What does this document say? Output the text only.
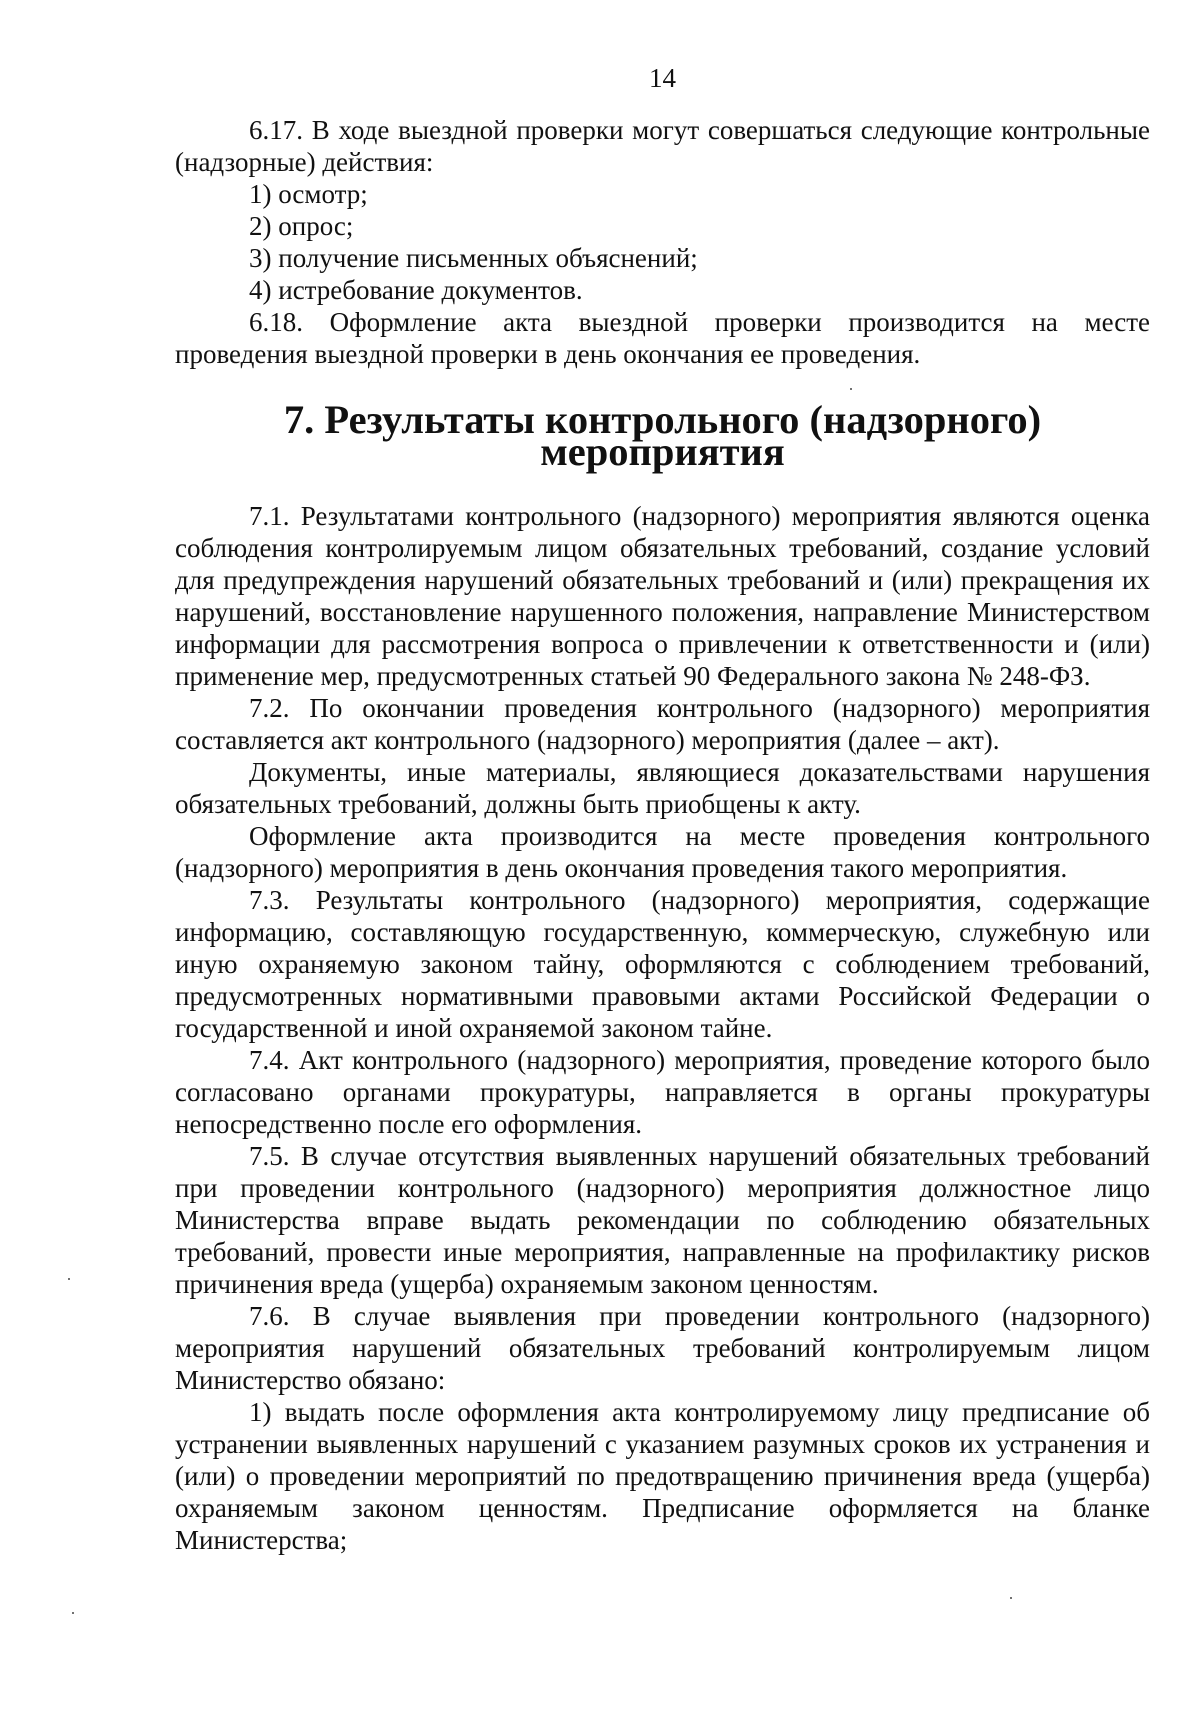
14

6.17. В ходе выездной проверки могут совершаться следующие контрольные (надзорные) действия:

1) осмотр;

2) опрос;

3) получение письменных объяснений;

4) истребование документов.

6.18. Оформление акта выездной проверки производится на месте проведения выездной проверки в день окончания ее проведения.

7. Результаты контрольного (надзорного) мероприятия

7.1. Результатами контрольного (надзорного) мероприятия являются оценка соблюдения контролируемым лицом обязательных требований, создание условий для предупреждения нарушений обязательных требований и (или) прекращения их нарушений, восстановление нарушенного положения, направление Министерством информации для рассмотрения вопроса о привлечении к ответственности и (или) применение мер, предусмотренных статьей 90 Федерального закона № 248-ФЗ.

7.2. По окончании проведения контрольного (надзорного) мероприятия составляется акт контрольного (надзорного) мероприятия (далее – акт).

Документы, иные материалы, являющиеся доказательствами нарушения обязательных требований, должны быть приобщены к акту.

Оформление акта производится на месте проведения контрольного (надзорного) мероприятия в день окончания проведения такого мероприятия.

7.3. Результаты контрольного (надзорного) мероприятия, содержащие информацию, составляющую государственную, коммерческую, служебную или иную охраняемую законом тайну, оформляются с соблюдением требований, предусмотренных нормативными правовыми актами Российской Федерации о государственной и иной охраняемой законом тайне.

7.4. Акт контрольного (надзорного) мероприятия, проведение которого было согласовано органами прокуратуры, направляется в органы прокуратуры непосредственно после его оформления.

7.5. В случае отсутствия выявленных нарушений обязательных требований при проведении контрольного (надзорного) мероприятия должностное лицо Министерства вправе выдать рекомендации по соблюдению обязательных требований, провести иные мероприятия, направленные на профилактику рисков причинения вреда (ущерба) охраняемым законом ценностям.

7.6. В случае выявления при проведении контрольного (надзорного) мероприятия нарушений обязательных требований контролируемым лицом Министерство обязано:

1) выдать после оформления акта контролируемому лицу предписание об устранении выявленных нарушений с указанием разумных сроков их устранения и (или) о проведении мероприятий по предотвращению причинения вреда (ущерба) охраняемым законом ценностям. Предписание оформляется на бланке Министерства;
